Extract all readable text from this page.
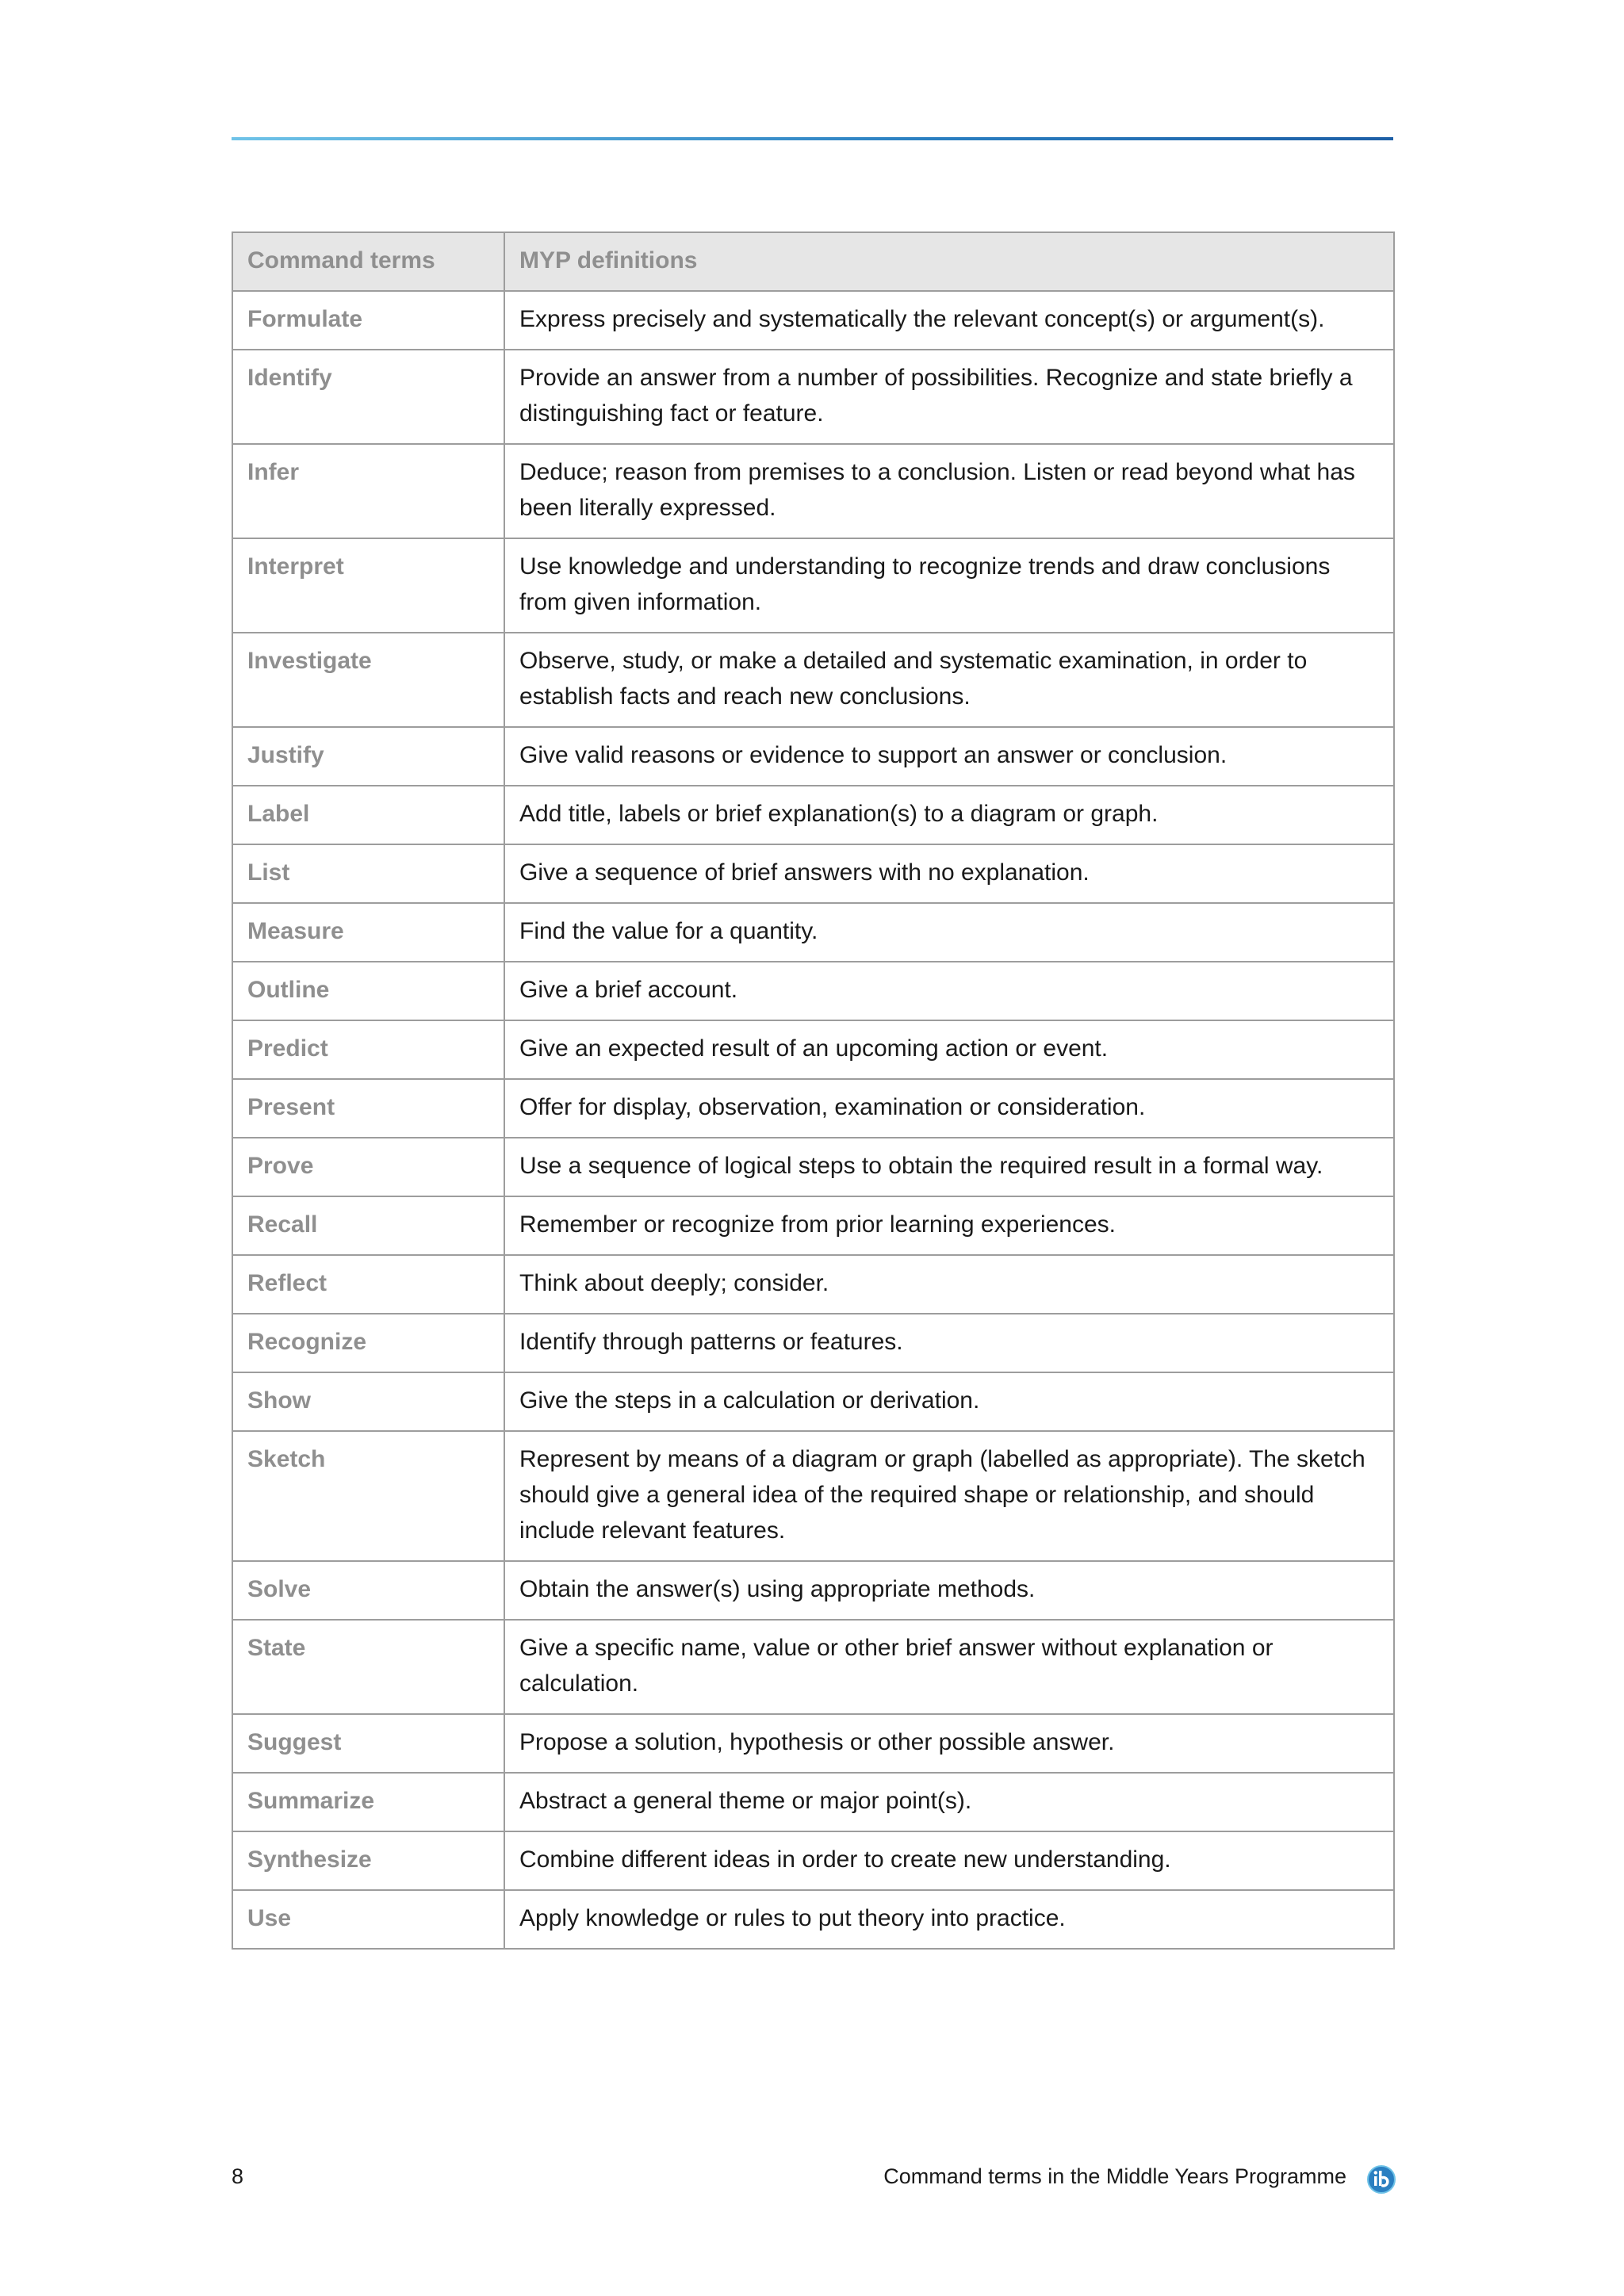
Command terms	MYP definitions
Formulate	Express precisely and systematically the relevant concept(s) or argument(s).
Identify	Provide an answer from a number of possibilities. Recognize and state briefly a distinguishing fact or feature.
Infer	Deduce; reason from premises to a conclusion. Listen or read beyond what has been literally expressed.
Interpret	Use knowledge and understanding to recognize trends and draw conclusions from given information.
Investigate	Observe, study, or make a detailed and systematic examination, in order to establish facts and reach new conclusions.
Justify	Give valid reasons or evidence to support an answer or conclusion.
Label	Add title, labels or brief explanation(s) to a diagram or graph.
List	Give a sequence of brief answers with no explanation.
Measure	Find the value for a quantity.
Outline	Give a brief account.
Predict	Give an expected result of an upcoming action or event.
Present	Offer for display, observation, examination or consideration.
Prove	Use a sequence of logical steps to obtain the required result in a formal way.
Recall	Remember or recognize from prior learning experiences.
Reflect	Think about deeply; consider.
Recognize	Identify through patterns or features.
Show	Give the steps in a calculation or derivation.
Sketch	Represent by means of a diagram or graph (labelled as appropriate). The sketch should give a general idea of the required shape or relationship, and should include relevant features.
Solve	Obtain the answer(s) using appropriate methods.
State	Give a specific name, value or other brief answer without explanation or calculation.
Suggest	Propose a solution, hypothesis or other possible answer.
Summarize	Abstract a general theme or major point(s).
Synthesize	Combine different ideas in order to create new understanding.
Use	Apply knowledge or rules to put theory into practice.
8	Command terms in the Middle Years Programme
